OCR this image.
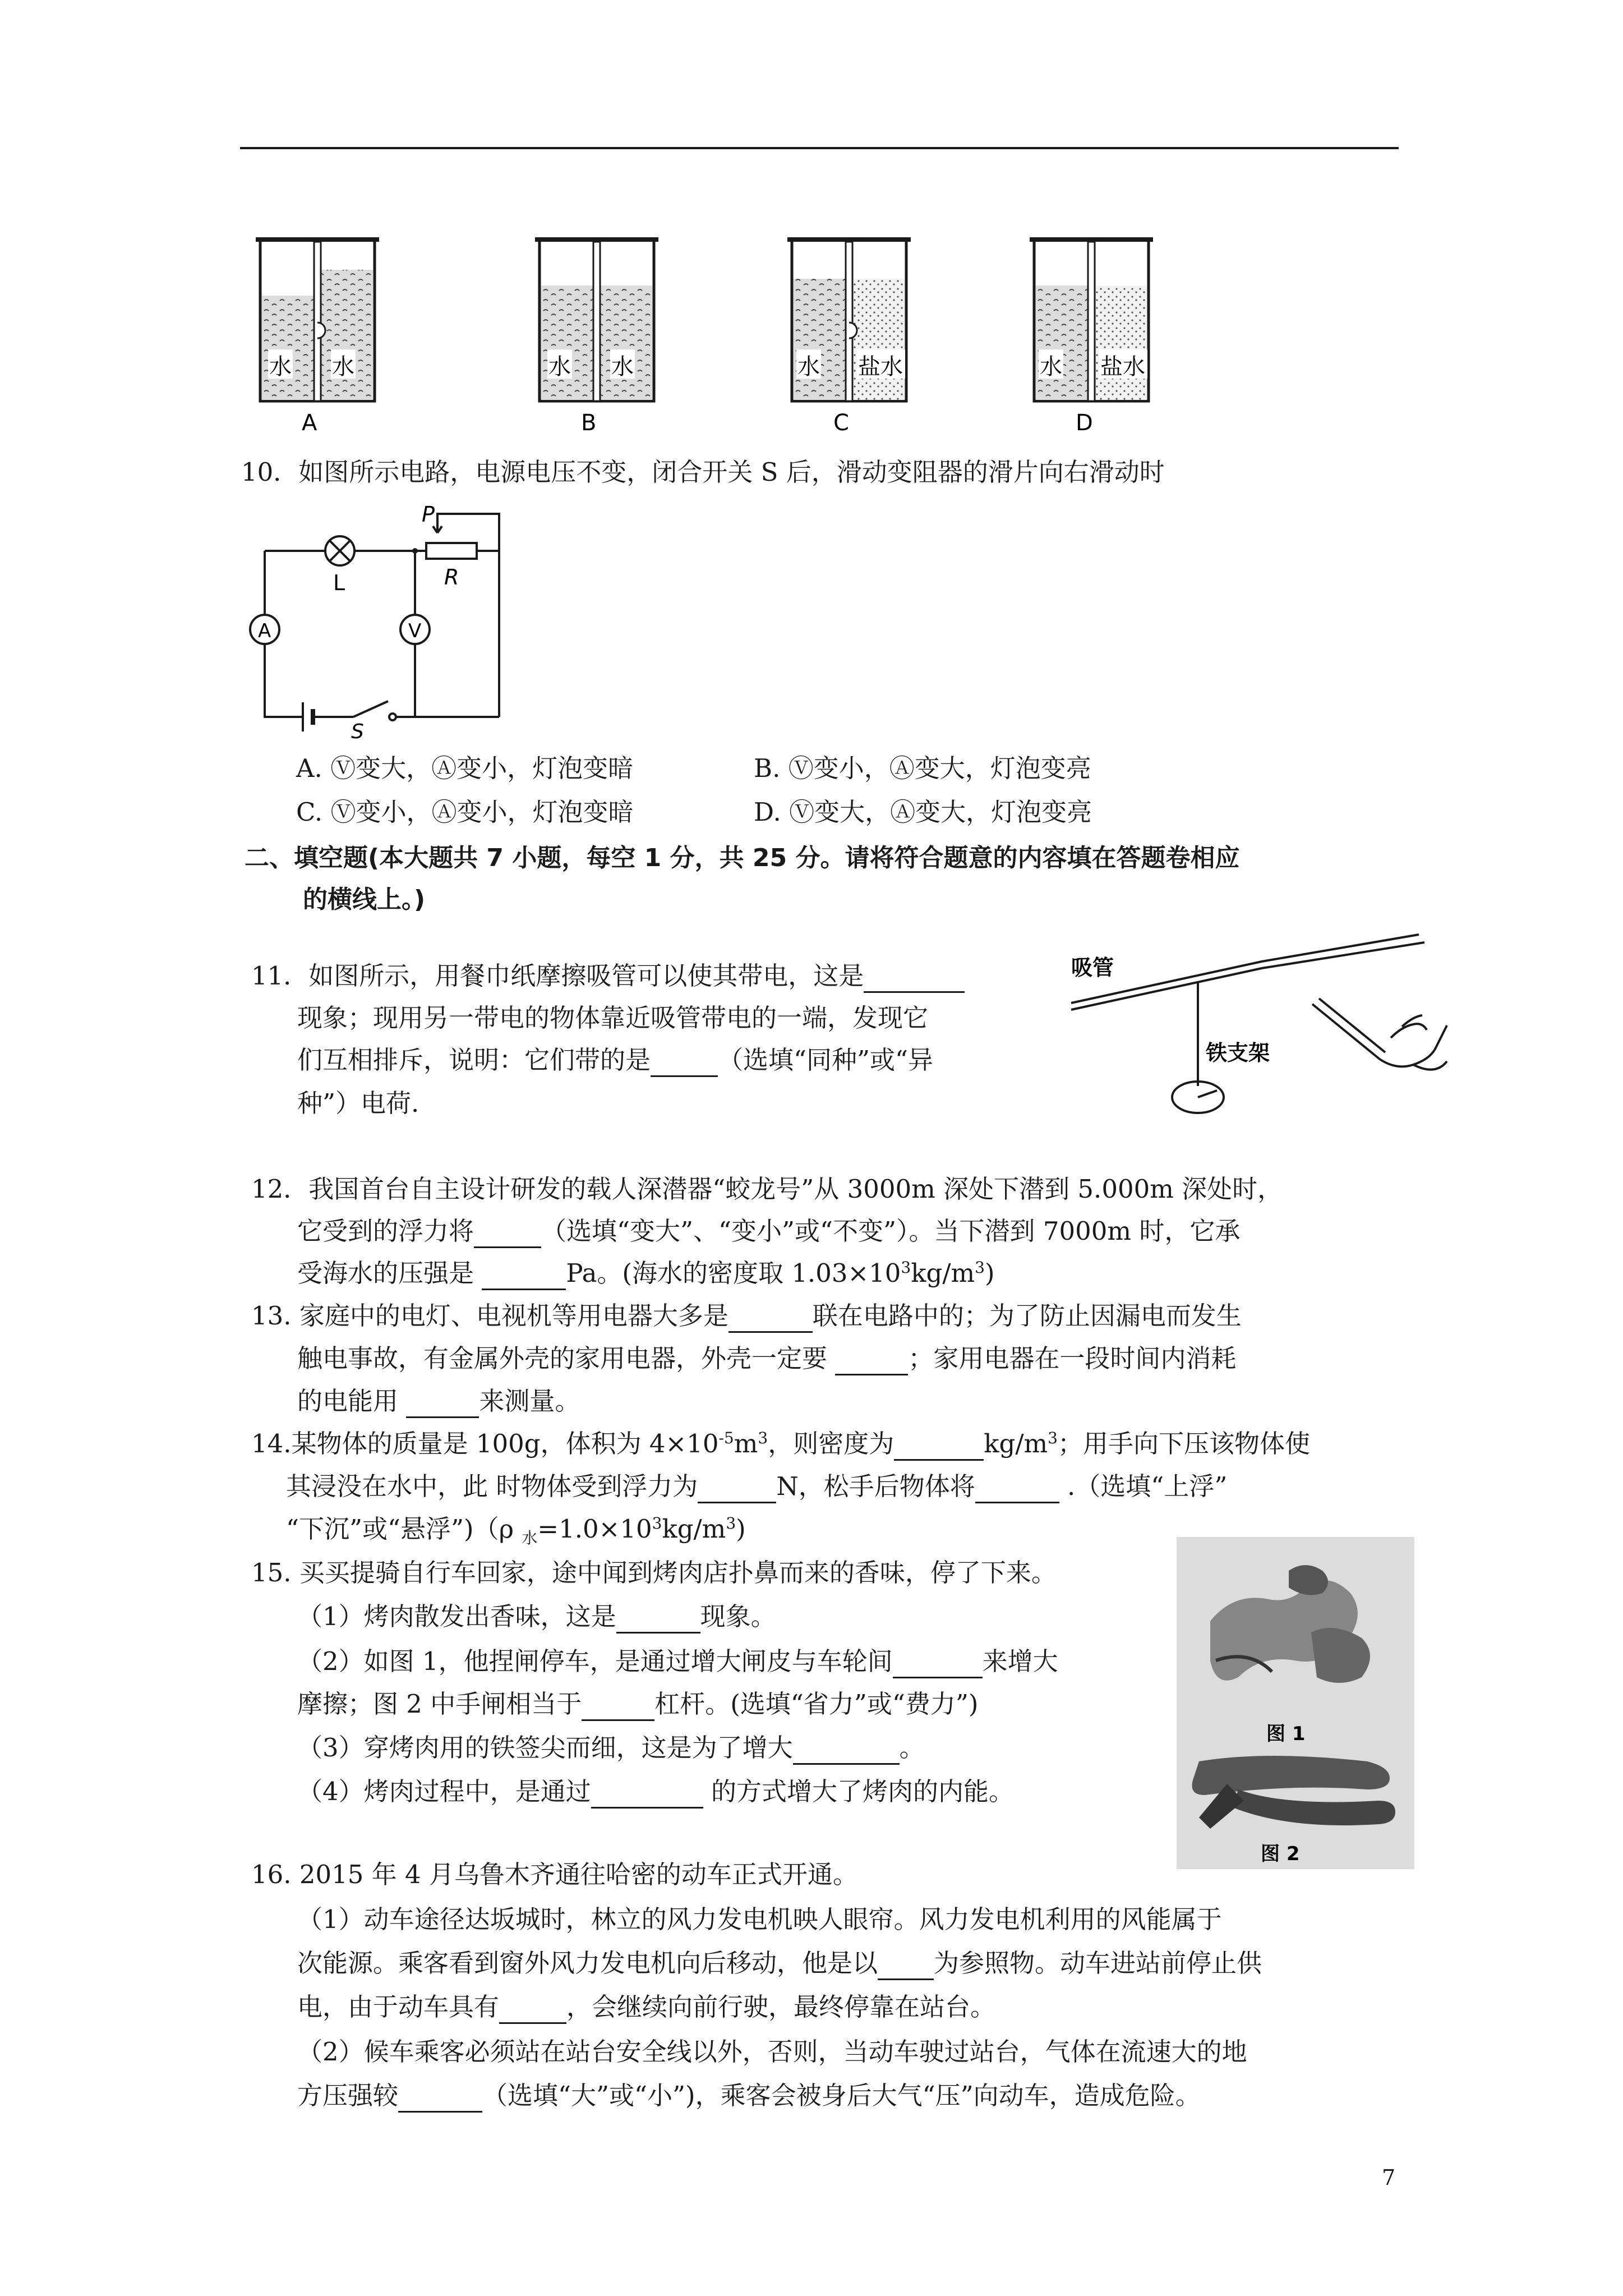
水 水
A
水 水
B
水 盐水
C
水 盐水
D
10．如图所示电路，电源电压不变，闭合开关 S 后，滑动变阻器的滑片向右滑动时
P
R
L
A	V
S
A. Ⓥ变大，Ⓐ变小，灯泡变暗	B. Ⓥ变小，Ⓐ变大，灯泡变亮
C. Ⓥ变小，Ⓐ变小，灯泡变暗	D. Ⓥ变大，Ⓐ变大，灯泡变亮
二、填空题(本大题共 7 小题，每空 1 分，共 25 分。请将符合题意的内容填在答题卷相应
的横线上。)
11．如图所示，用餐巾纸摩擦吸管可以使其带电，这是
现象；现用另一带电的物体靠近吸管带电的一端，发现它
们互相排斥，说明：它们带的是	（选填“同种”或“异
种”）电荷.
吸管
铁支架
12．我国首台自主设计研发的载人深潜器“蛟龙号”从 3000m 深处下潜到 5.000m 深处时，
它受到的浮力将	（选填“变大”、“变小”或“不变”）。当下潜到 7000m 时，它承
受海水的压强是	Pa。(海水的密度取 $1.03\times 10^3kg/m^3$)
13. 家庭中的电灯、电视机等用电器大多是	联在电路中的；为了防止因漏电而发生
触电事故，有金属外壳的家用电器，外壳一定要	；家用电器在一段时间内消耗
的电能用	来测量。
14.某物体的质量是 100g，体积为 $4\times 10^{-5}m^3$，则密度为	$kg/m^3$；用手向下压该物体使
其浸没在水中，此 时物体受到浮力为	N，松手后物体将	.（选填“上浮”
“下沉”或“悬浮”)（ρ $_水=1.0\times 10^3kg/m^3$)
15. 买买提骑自行车回家，途中闻到烤肉店扑鼻而来的香味，停了下来。
（1）烤肉散发出香味，这是	现象。
（2）如图 1，他捏闸停车，是通过增大闸皮与车轮间	来增大
摩擦；图 2 中手闸相当于	杠杆。(选填“省力”或“费力”)
（3）穿烤肉用的铁签尖而细，这是为了增大	。
（4）烤肉过程中，是通过	的方式增大了烤肉的内能。
图 1
图 2
16. 2015 年 4 月乌鲁木齐通往哈密的动车正式开通。
（1）动车途径达坂城时，林立的风力发电机映人眼帘。风力发电机利用的风能属于
次能源。乘客看到窗外风力发电机向后移动，他是以 为参照物。动车进站前停止供
电，由于动车具有	，会继续向前行驶，最终停靠在站台。
（2）候车乘客必须站在站台安全线以外，否则，当动车驶过站台，气体在流速大的地
方压强较	（选填“大”或“小”)，乘客会被身后大气“压”向动车，造成危险。
7
